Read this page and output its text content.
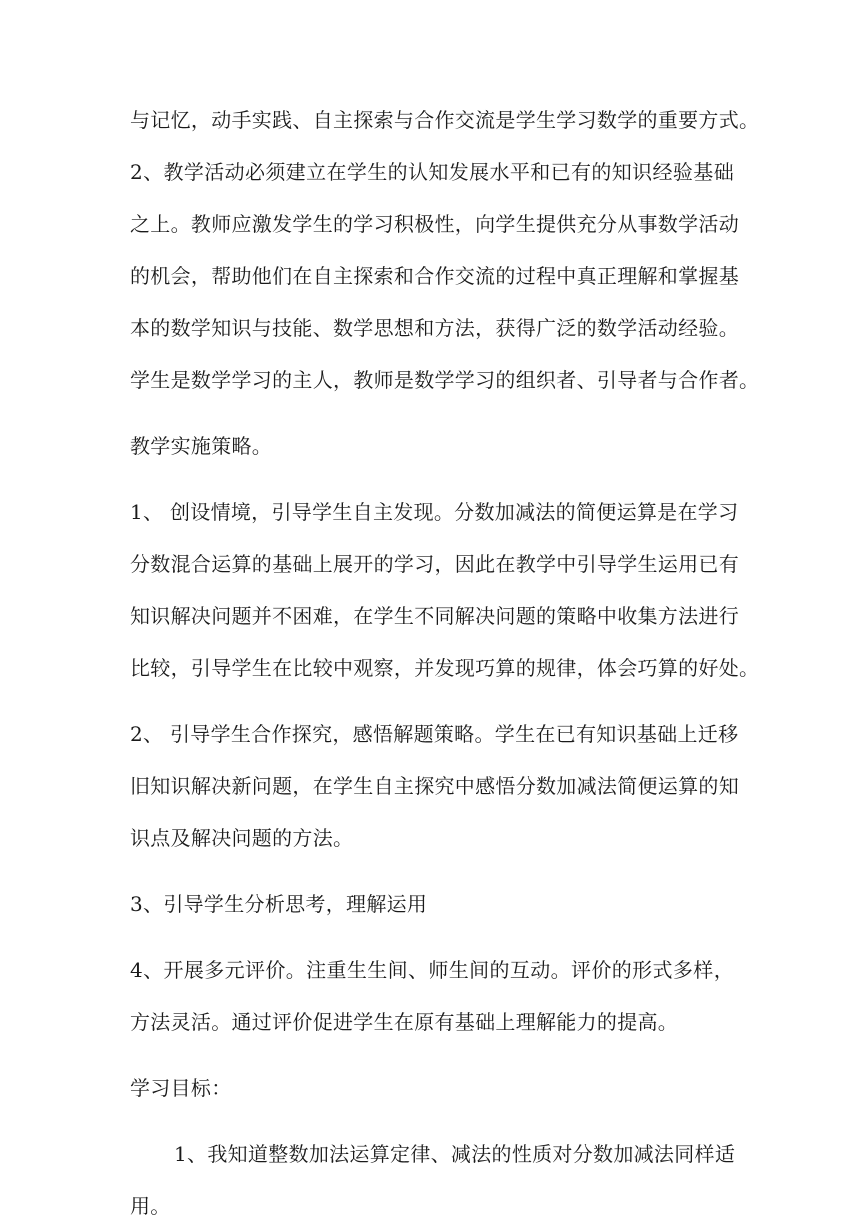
与记忆，动手实践、自主探索与合作交流是学生学习数学的重要方式。
2、教学活动必须建立在学生的认知发展水平和已有的知识经验基础
之上。教师应激发学生的学习积极性，向学生提供充分从事数学活动
的机会，帮助他们在自主探索和合作交流的过程中真正理解和掌握基
本的数学知识与技能、数学思想和方法，获得广泛的数学活动经验。
学生是数学学习的主人，教师是数学学习的组织者、引导者与合作者。
教学实施策略。
1、 创设情境，引导学生自主发现。分数加减法的简便运算是在学习
分数混合运算的基础上展开的学习，因此在教学中引导学生运用已有
知识解决问题并不困难，在学生不同解决问题的策略中收集方法进行
比较，引导学生在比较中观察，并发现巧算的规律，体会巧算的好处。
2、 引导学生合作探究，感悟解题策略。学生在已有知识基础上迁移
旧知识解决新问题，在学生自主探究中感悟分数加减法简便运算的知
识点及解决问题的方法。
3、引导学生分析思考，理解运用
4、开展多元评价。注重生生间、师生间的互动。评价的形式多样，
方法灵活。通过评价促进学生在原有基础上理解能力的提高。
学习目标：
1、我知道整数加法运算定律、减法的性质对分数加减法同样适
用。
